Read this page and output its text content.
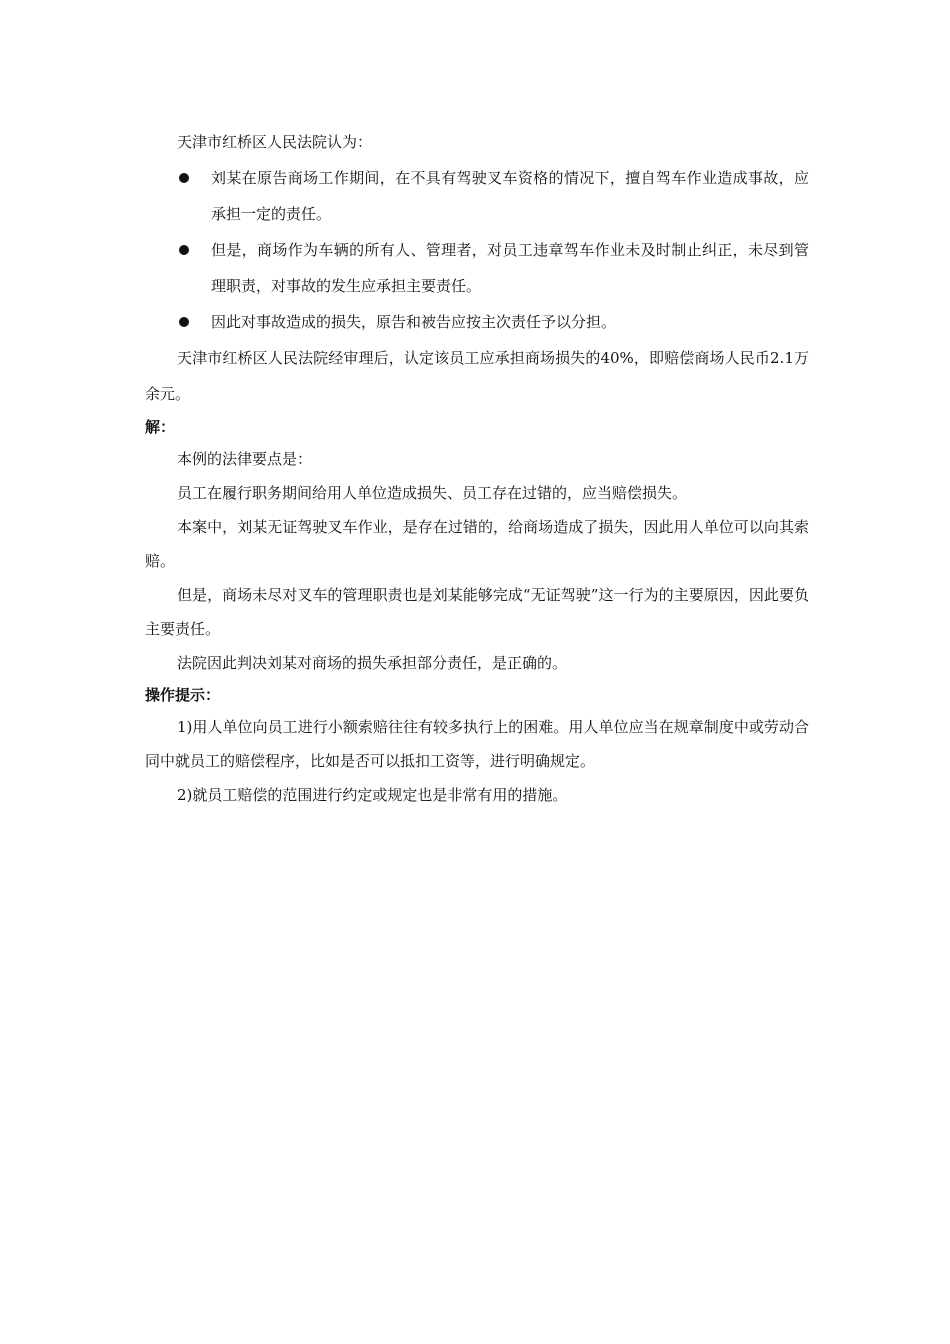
天津市红桥区人民法院认为：

刘某在原告商场工作期间，在不具有驾驶叉车资格的情况下，擅自驾车作业造成事故，应承担一定的责任。
但是，商场作为车辆的所有人、管理者，对员工违章驾车作业未及时制止纠正，未尽到管理职责，对事故的发生应承担主要责任。
因此对事故造成的损失，原告和被告应按主次责任予以分担。

天津市红桥区人民法院经审理后，认定该员工应承担商场损失的40%，即赔偿商场人民币2.1万余元。

解：

本例的法律要点是：

员工在履行职务期间给用人单位造成损失、员工存在过错的，应当赔偿损失。

本案中，刘某无证驾驶叉车作业，是存在过错的，给商场造成了损失，因此用人单位可以向其索赔。

但是，商场未尽对叉车的管理职责也是刘某能够完成“无证驾驶”这一行为的主要原因，因此要负主要责任。

法院因此判决刘某对商场的损失承担部分责任，是正确的。

操作提示：

1)用人单位向员工进行小额索赔往往有较多执行上的困难。用人单位应当在规章制度中或劳动合同中就员工的赔偿程序，比如是否可以抵扣工资等，进行明确规定。

2)就员工赔偿的范围进行约定或规定也是非常有用的措施。
